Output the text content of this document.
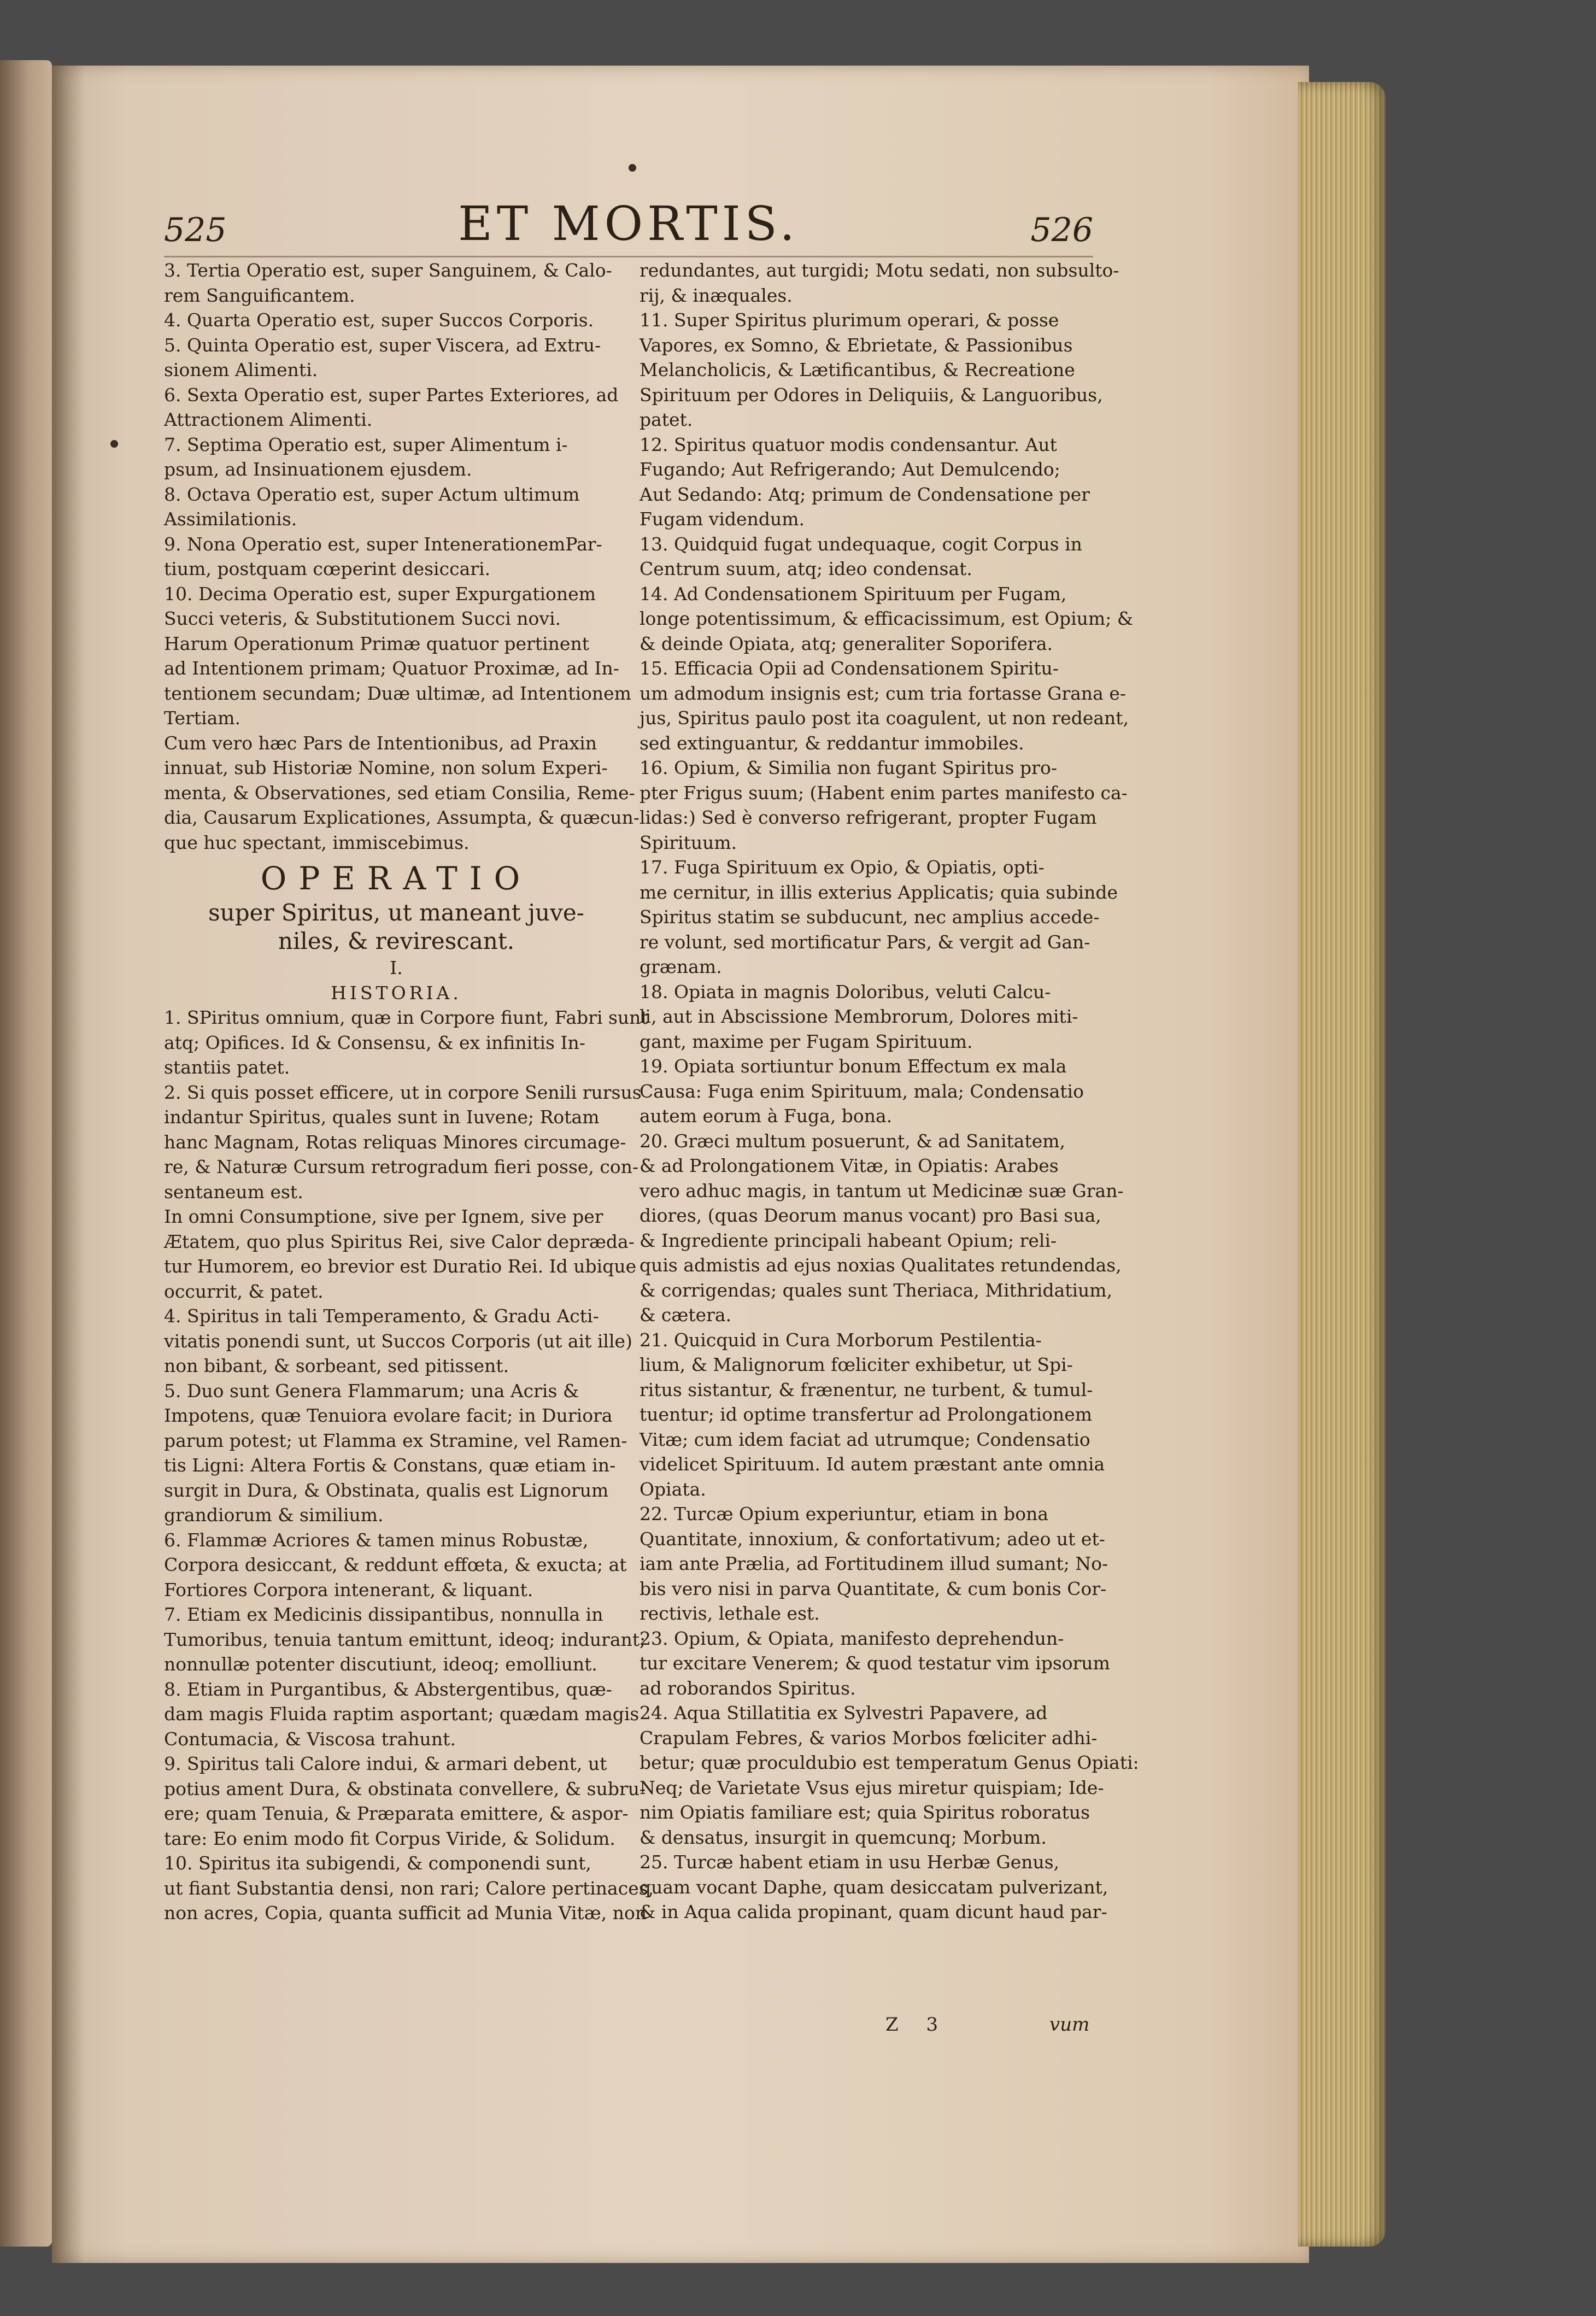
525	ET MORTIS.	526

3. Tertia Operatio est, super Sanguinem, & Calo-

rem Sanguificantem.

4. Quarta Operatio est, super Succos Corporis.

5. Quinta Operatio est, super Viscera, ad Extru-

sionem Alimenti.

6. Sexta Operatio est, super Partes Exteriores, ad

Attractionem Alimenti.

7. Septima Operatio est, super Alimentum i-

psum, ad Insinuationem ejusdem.

8. Octava Operatio est, super Actum ultimum

Assimilationis.

9. Nona Operatio est, super IntenerationemPar-

tium, postquam cœperint desiccari.

10. Decima Operatio est, super Expurgationem

Succi veteris, & Substitutionem Succi novi.

Harum Operationum Primæ quatuor pertinent

ad Intentionem primam; Quatuor Proximæ, ad In-

tentionem secundam; Duæ ultimæ, ad Intentionem

Tertiam.

Cum vero hæc Pars de Intentionibus, ad Praxin

innuat, sub Historiæ Nomine, non solum Experi-

menta, & Observationes, sed etiam Consilia, Reme-

dia, Causarum Explicationes, Assumpta, & quæcun-

que huc spectant, immiscebimus.

OPERATIO

super Spiritus, ut maneant juve-

niles, & revirescant.

I.

HISTORIA.

1. SPiritus omnium, quæ in Corpore fiunt, Fabri sunt

atq; Opifices. Id & Consensu, & ex infinitis In-

stantiis patet.

2. Si quis posset efficere, ut in corpore Senili rursus

indantur Spiritus, quales sunt in Iuvene; Rotam

hanc Magnam, Rotas reliquas Minores circumage-

re, & Naturæ Cursum retrogradum fieri posse, con-

sentaneum est.

In omni Consumptione, sive per Ignem, sive per

Ætatem, quo plus Spiritus Rei, sive Calor deprædа-

tur Humorem, eo brevior est Duratio Rei. Id ubique

occurrit, & patet.

4. Spiritus in tali Temperamento, & Gradu Acti-

vitatis ponendi sunt, ut Succos Corporis (ut ait ille)

non bibant, & sorbeant, sed pitissent.

5. Duo sunt Genera Flammarum; una Acris &

Impotens, quæ Tenuiora evolare facit; in Duriora

parum potest; ut Flamma ex Stramine, vel Ramen-

tis Ligni: Altera Fortis & Constans, quæ etiam in-

surgit in Dura, & Obstinata, qualis est Lignorum

grandiorum & similium.

6. Flammæ Acriores & tamen minus Robustæ,

Corpora desiccant, & reddunt effœta, & exucta; at

Fortiores Corpora intenerant, & liquant.

7. Etiam ex Medicinis dissipantibus, nonnulla in

Tumoribus, tenuia tantum emittunt, ideoq; indurant;

nonnullæ potenter discutiunt, ideoq; emolliunt.

8. Etiam in Purgantibus, & Abstergentibus, quæ-

dam magis Fluida raptim asportant; quædam magis

Contumacia, & Viscosa trahunt.

9. Spiritus tali Calore indui, & armari debent, ut

potius ament Dura, & obstinata convellere, & subru-

ere; quam Tenuia, & Præparata emittere, & aspor-

tare: Eo enim modo fit Corpus Viride, & Solidum.

10. Spiritus ita subigendi, & componendi sunt,

ut fiant Substantia densi, non rari; Calore pertinaces,

non acres, Copia, quanta sufficit ad Munia Vitæ, non

redundantes, aut turgidi; Motu sedati, non subsulto-

rij, & inæquales.

11. Super Spiritus plurimum operari, & posse

Vapores, ex Somno, & Ebrietate, & Passionibus

Melancholicis, & Lætificantibus, & Recreatione

Spirituum per Odores in Deliquiis, & Languoribus,

patet.

12. Spiritus quatuor modis condensantur. Aut

Fugando; Aut Refrigerando; Aut Demulcendo;

Aut Sedando: Atq; primum de Condensatione per

Fugam videndum.

13. Quidquid fugat undequaque, cogit Corpus in

Centrum suum, atq; ideo condensat.

14. Ad Condensationem Spirituum per Fugam,

longe potentissimum, & efficacissimum, est Opium; &

& deinde Opiata, atq; generaliter Soporifera.

15. Efficacia Opii ad Condensationem Spiritu-

um admodum insignis est; cum tria fortasse Grana e-

jus, Spiritus paulo post ita coagulent, ut non redeant,

sed extinguantur, & reddantur immobiles.

16. Opium, & Similia non fugant Spiritus pro-

pter Frigus suum; (Habent enim partes manifesto ca-

lidas:) Sed è converso refrigerant, propter Fugam

Spirituum.

17. Fuga Spirituum ex Opio, & Opiatis, opti-

me cernitur, in illis exterius Applicatis; quia subinde

Spiritus statim se subducunt, nec amplius accede-

re volunt, sed mortificatur Pars, & vergit ad Gan-

grænam.

18. Opiata in magnis Doloribus, veluti Calcu-

li, aut in Abscissione Membrorum, Dolores miti-

gant, maxime per Fugam Spirituum.

19. Opiata sortiuntur bonum Effectum ex mala

Causa: Fuga enim Spirituum, mala; Condensatio

autem eorum à Fuga, bona.

20. Græci multum posuerunt, & ad Sanitatem,

& ad Prolongationem Vitæ, in Opiatis: Arabes

vero adhuc magis, in tantum ut Medicinæ suæ Gran-

diores, (quas Deorum manus vocant) pro Basi sua,

& Ingrediente principali habeant Opium; reli-

quis admistis ad ejus noxias Qualitates retundendas,

& corrigendas; quales sunt Theriaca, Mithridatium,

& cætera.

21. Quicquid in Cura Morborum Pestilentia-

lium, & Malignorum fœliciter exhibetur, ut Spi-

ritus sistantur, & frænentur, ne turbent, & tumul-

tuentur; id optime transfertur ad Prolongationem

Vitæ; cum idem faciat ad utrumque; Condensatio

videlicet Spirituum. Id autem præstant ante omnia

Opiata.

22. Turcæ Opium experiuntur, etiam in bona

Quantitate, innoxium, & confortativum; adeo ut et-

iam ante Prælia, ad Fortitudinem illud sumant; No-

bis vero nisi in parva Quantitate, & cum bonis Cor-

rectivis, lethale est.

23. Opium, & Opiata, manifesto deprehendun-

tur excitare Venerem; & quod testatur vim ipsorum

ad roborandos Spiritus.

24. Aqua Stillatitia ex Sylvestri Papavere, ad

Crapulam Febres, & varios Morbos fœliciter adhi-

betur; quæ proculdubio est temperatum Genus Opiati:

Neq; de Varietate Vsus ejus miretur quispiam; Ide-

nim Opiatis familiare est; quia Spiritus roboratus

& densatus, insurgit in quemcunq; Morbum.

25. Turcæ habent etiam in usu Herbæ Genus,

quam vocant Daphe, quam desiccatam pulverizant,

& in Aqua calida propinant, quam dicunt haud par-

Z 3	vum
